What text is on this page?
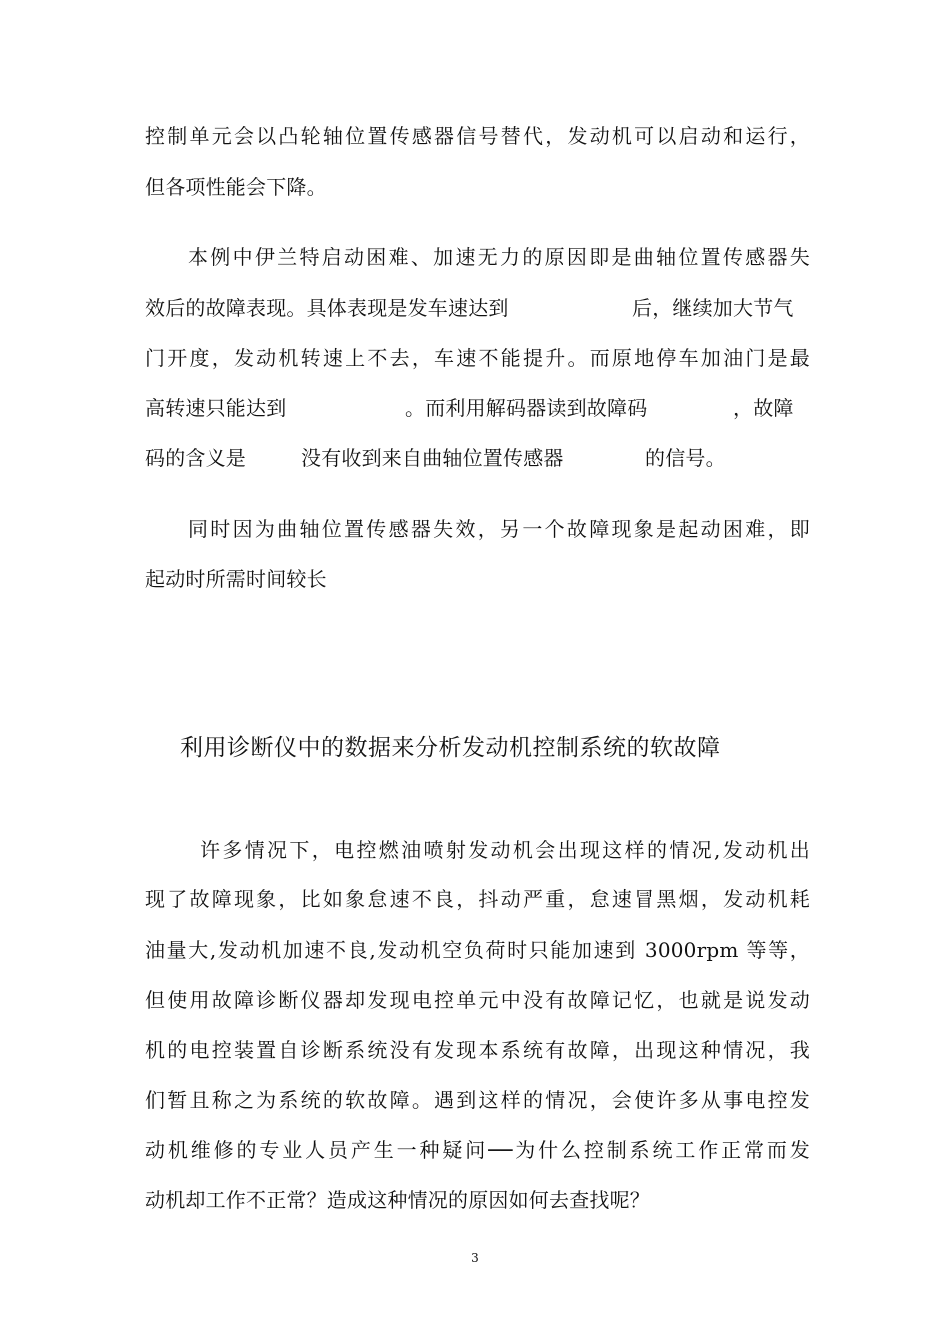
控制单元会以凸轮轴位置传感器信号替代，发动机可以启动和运行，
但各项性能会下降。
本例中伊兰特启动困难、加速无力的原因即是曲轴位置传感器失
效后的故障表现。具体表现是发车速达到	后，继续加大节气
门开度，发动机转速上不去，车速不能提升。而原地停车加油门是最
高转速只能达到	。而利用解码器读到故障码	，故障
码的含义是	没有收到来自曲轴位置传感器	的信号。
同时因为曲轴位置传感器失效，另一个故障现象是起动困难，即
起动时所需时间较长
利用诊断仪中的数据来分析发动机控制系统的软故障
许多情况下，电控燃油喷射发动机会出现这样的情况,发动机出
现了故障现象，比如象怠速不良，抖动严重，怠速冒黑烟，发动机耗
油量大,发动机加速不良,发动机空负荷时只能加速到 3000rpm 等等，
但使用故障诊断仪器却发现电控单元中没有故障记忆，也就是说发动
机的电控装置自诊断系统没有发现本系统有故障，出现这种情况，我
们暂且称之为系统的软故障。遇到这样的情况，会使许多从事电控发
动机维修的专业人员产生一种疑问──为什么控制系统工作正常而发
动机却工作不正常？造成这种情况的原因如何去查找呢？
3
